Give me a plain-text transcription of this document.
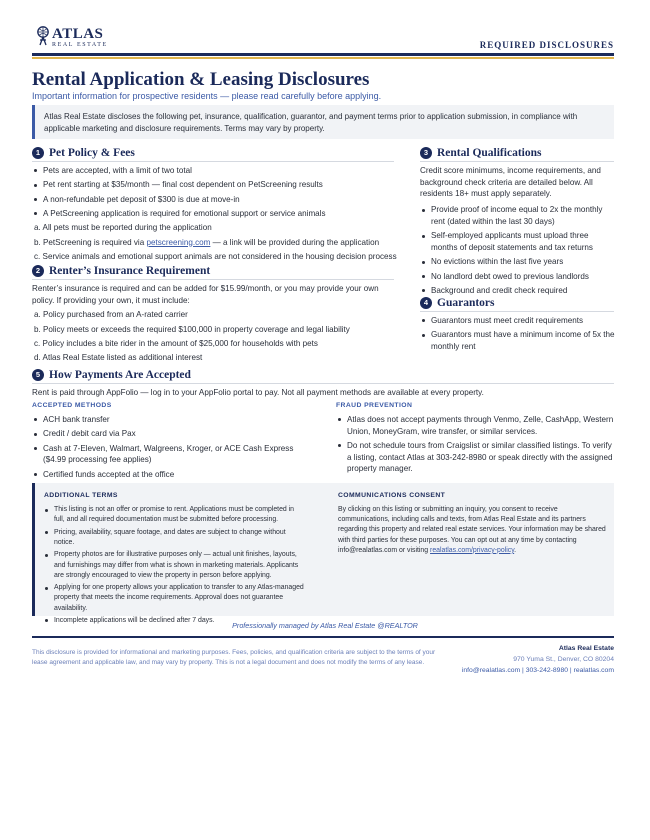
ATLAS
REAL ESTATE	REQUIRED DISCLOSURES
Rental Application & Leasing Disclosures
Important information for prospective residents — please read carefully before applying.
Atlas Real Estate discloses the following pet, insurance, qualification, guarantor, and payment terms prior to application submission, in compliance with applicable marketing and disclosure requirements. Terms may vary by property.
1 Pet Policy & Fees
Pets are accepted, with a limit of two total
Pet rent starting at $35/month — final cost dependent on PetScreening results
A non-refundable pet deposit of $300 is due at move-in
A PetScreening application is required for emotional support or service animals
a. All pets must be reported during the application
b. PetScreening is required via petscreening.com — a link will be provided during the application
c. Service animals and emotional support animals are not considered in the housing decision process
2 Renter’s Insurance Requirement
Renter’s insurance is required and can be added for $15.99/month, or you may provide your own policy. If providing your own, it must include:
a. Policy purchased from an A-rated carrier
b. Policy meets or exceeds the required $100,000 in property coverage and legal liability
c. Policy includes a bite rider in the amount of $25,000 for households with pets
d. Atlas Real Estate listed as additional interest
3 Rental Qualifications
Credit score minimums, income requirements, and background check criteria are detailed below. All residents 18+ must apply separately.
Provide proof of income equal to 2x the monthly rent (dated within the last 30 days)
Self-employed applicants must upload three months of deposit statements and tax returns
No evictions within the last five years
No landlord debt owed to previous landlords
Background and credit check required
4 Guarantors
Guarantors must meet credit requirements
Guarantors must have a minimum income of 5x the monthly rent
5 How Payments Are Accepted
Rent is paid through AppFolio — log in to your AppFolio portal to pay. Not all payment methods are available at every property.
ACCEPTED METHODS
ACH bank transfer
Credit / debit card via Pax
Cash at 7-Eleven, Walmart, Walgreens, Kroger, or ACE Cash Express ($4.99 processing fee applies)
Certified funds accepted at the office
FRAUD PREVENTION
Atlas does not accept payments through Venmo, Zelle, CashApp, Western Union, MoneyGram, wire transfer, or similar services.
Do not schedule tours from Craigslist or similar classified listings. To verify a listing, contact Atlas at 303-242-8980 or speak directly with the assigned property manager.
ADDITIONAL TERMS
This listing is not an offer or promise to rent. Applications must be completed in full, and all required documentation must be submitted before processing.
Pricing, availability, square footage, and dates are subject to change without notice.
Property photos are for illustrative purposes only — actual unit finishes, layouts, and furnishings may differ from what is shown in marketing materials. Applicants are strongly encouraged to view the property in person before applying.
Applying for one property allows your application to transfer to any Atlas-managed property that meets the income requirements. Approval does not guarantee availability.
Incomplete applications will be declined after 7 days.
COMMUNICATIONS CONSENT
By clicking on this listing or submitting an inquiry, you consent to receive communications, including calls and texts, from Atlas Real Estate and its partners regarding this property and related real estate services. Your information may be shared with third parties for these purposes. You can opt out at any time by contacting info@realatlas.com or visiting realatlas.com/privacy-policy.
Professionally managed by Atlas Real Estate @REALTOR
This disclosure is provided for informational and marketing purposes. Fees, policies, and qualification criteria are subject to the terms of your lease agreement and applicable law, and may vary by property. This is not a legal document and does not modify the terms of any lease.
Atlas Real Estate
970 Yuma St., Denver, CO 80204
info@realatlas.com | 303-242-8980 | realatlas.com
